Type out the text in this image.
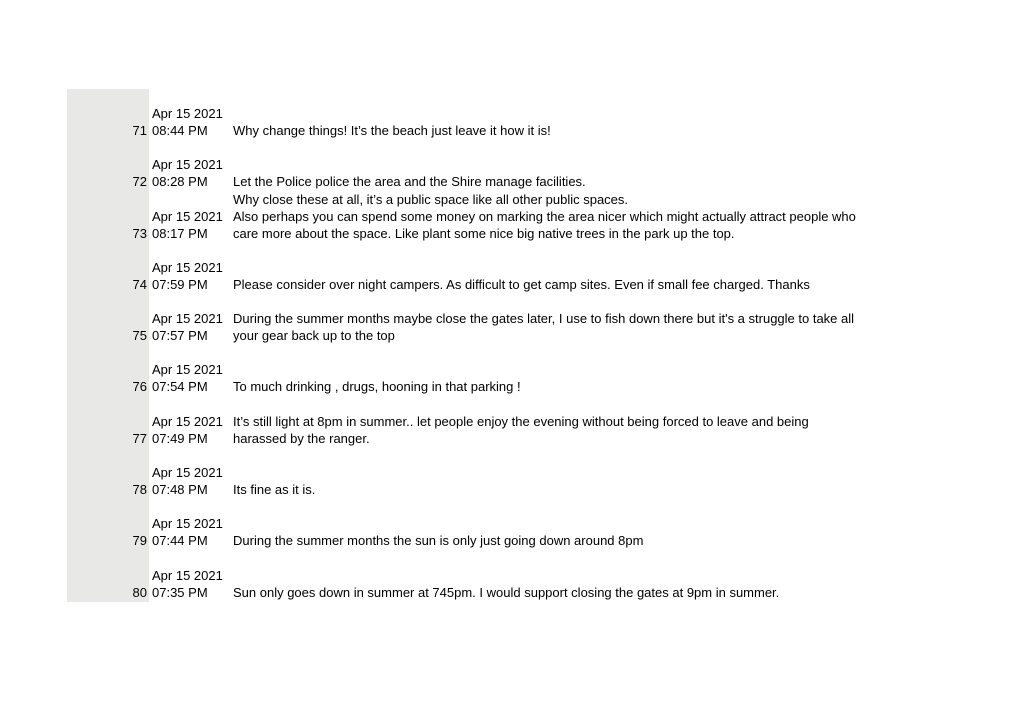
71
Apr 15 2021
08:44 PM Why change things! It’s the beach just leave it how it is!
72
Apr 15 2021
08:28 PM Let the Police police the area and the Shire manage facilities.
73
Apr 15 2021
08:17 PM
Why close these at all, it’s a public space like all other public spaces.
Also perhaps you can spend some money on marking the area nicer which might actually attract people who
care more about the space. Like plant some nice big native trees in the park up the top.
74
Apr 15 2021
07:59 PM Please consider over night campers. As difficult to get camp sites. Even if small fee charged. Thanks
75
Apr 15 2021
07:57 PM
During the summer months maybe close the gates later, I use to fish down there but it's a struggle to take all
your gear back up to the top
76
Apr 15 2021
07:54 PM To much drinking , drugs, hooning in that parking !
77
Apr 15 2021
07:49 PM
It’s still light at 8pm in summer.. let people enjoy the evening without being forced to leave and being
harassed by the ranger.
78
Apr 15 2021
07:48 PM Its fine as it is.
79
Apr 15 2021
07:44 PM During the summer months the sun is only just going down around 8pm
80
Apr 15 2021
07:35 PM Sun only goes down in summer at 745pm. I would support closing the gates at 9pm in summer.
